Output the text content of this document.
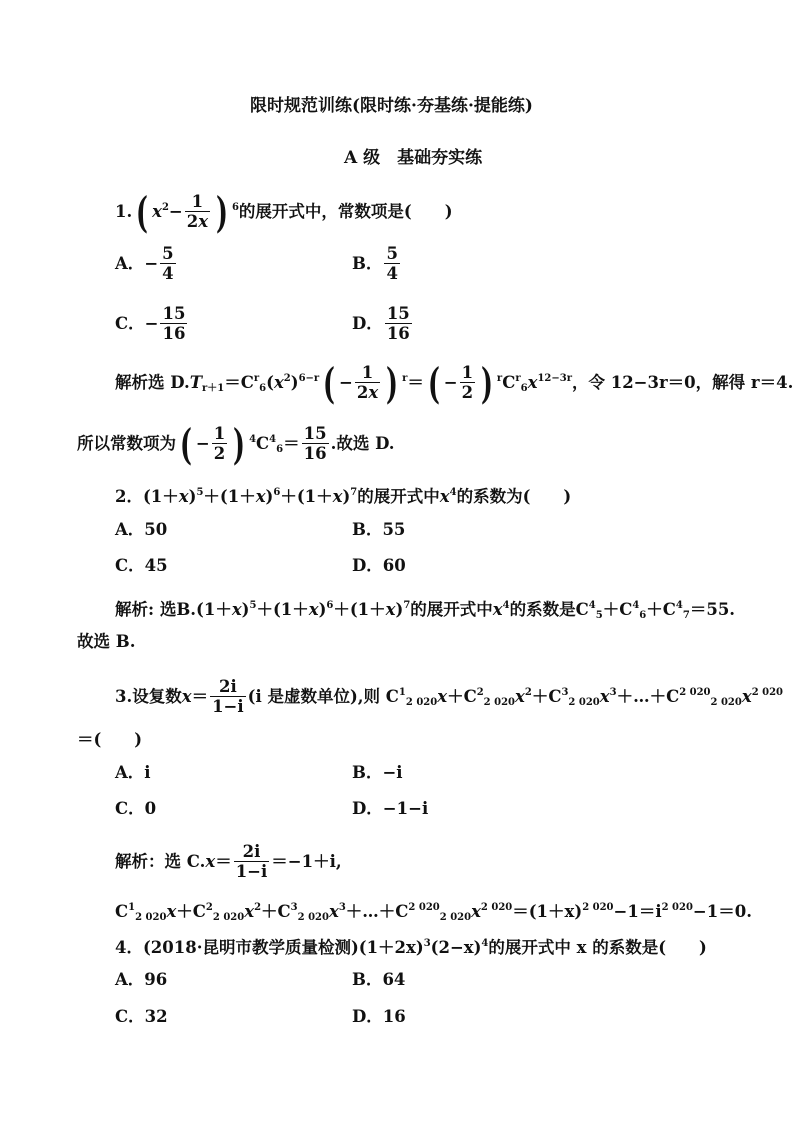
限时规范训练(限时练·夯基练·提能练)
A 级　基础夯实练
1.( $x^2- \frac{1}{2x}$ ) $^6$的展开式中，常数项是(　　)
A．− $\frac{5}{4}$	B． $\frac{5}{4}$
C．− $\frac{15}{16}$	D． $\frac{15}{16}$
解析选 $D.T_{r+1}=C^r_6(x^2)^{6-r}( - \frac{1}{2x}$ ) $^r=( - \frac{1}{2}$ ) $^rC^r_6x^{12-3r}$，令 12−3r＝0，解得 r＝4.
所以常数项为( − $\frac{1}{2}$ ) $^4C^4_6= \frac{15}{16}$ .故选 D.
2．$(1+x)^5+(1+x)^6+(1+x)^7$的展开式中$x^4$的系数为(　　)
A．50	B．55
C．45	D．60
解析: 选$B.(1+x)^5+(1+x)^6+(1+x)^7$的展开式中$x^4$的系数是$C^4_5+C^4_6+C^4_7=55$.
故选 B.
3.设复数$x= \frac{2i}{1-i} (i$ 是虚数单位),则 $C^1_{2 020}x+C^2_{2 020}x^2+C^3_{2 020}x^3+\dots+C^{2 020}_{2 020}x^{2 020}$
＝(　　)
A．i	B．−i
C．0	D．−1−i
解析：选 $C.x= \frac{2i}{1-i} =-1+i$,
$C^1_{2 020}x+C^2_{2 020}x^2+C^3_{2 020}x^3+\dots+C^{2 020}_{2 020}x^{2 020}=(1+x)^{2 020}-1=i^{2 020}-1=0$.
4．(2018·昆明市教学质量检测)$(1+2x)^3(2-x)^4$的展开式中 x 的系数是(　　)
A．96	B．64
C．32	D．16
